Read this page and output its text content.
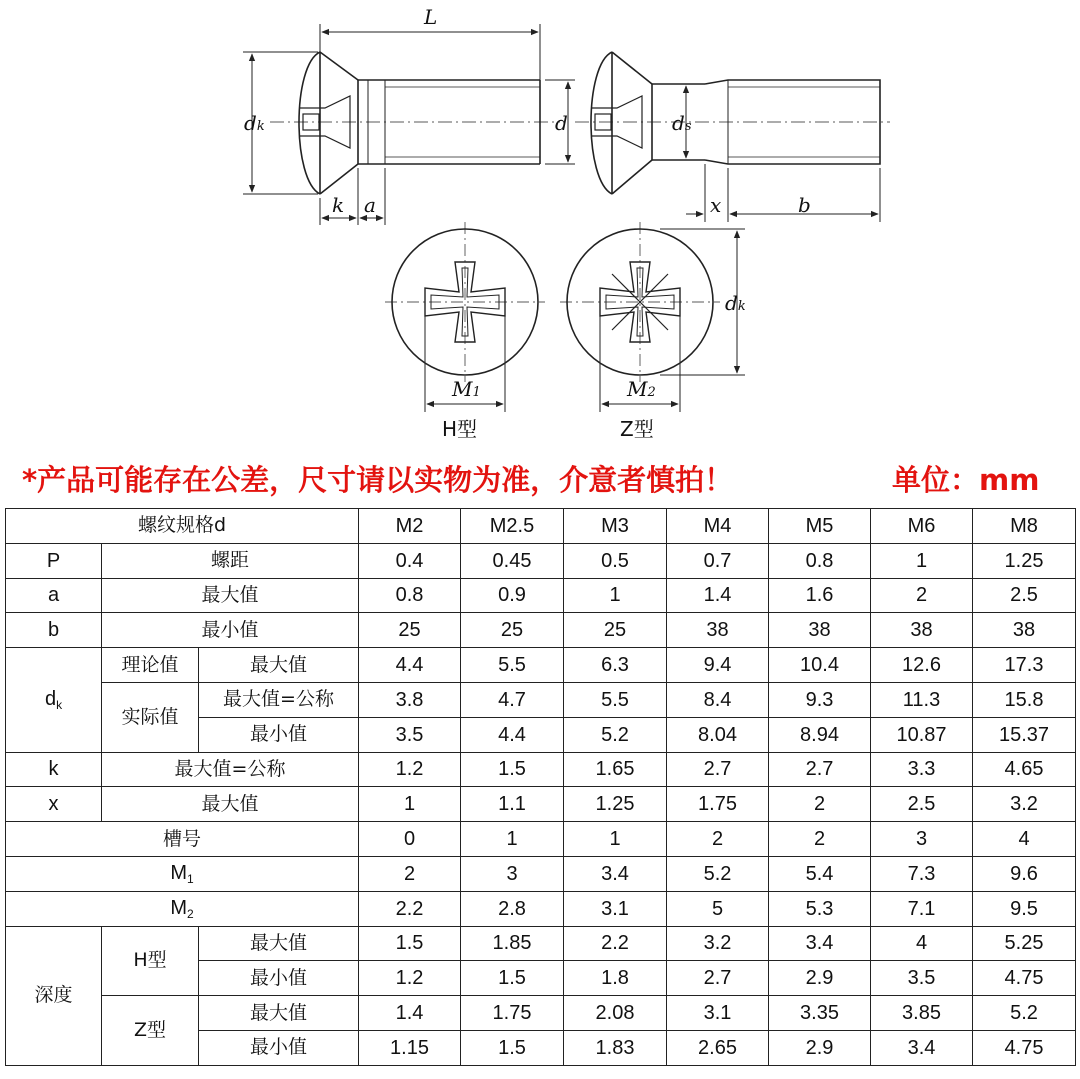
L
dk	d	ds
k a	x	b
dk
M1	M2
H型	Z型
*产品可能存在公差，尺寸请以实物为准，介意者慎拍！	单位：mm
螺纹规格d			M2	M2.5	M3	M4	M5	M6	M8
P	螺距		0.4	0.45	0.5	0.7	0.8	1	1.25
a	最大值		0.8	0.9	1	1.4	1.6	2	2.5
b	最小值		25	25	25	38	38	38	38
$d_k$	理论值	最大值	4.4	5.5	6.3	9.4	10.4	12.6	17.3
	实际值	最大值=公称	3.8	4.7	5.5	8.4	9.3	11.3	15.8
		最小值	3.5	4.4	5.2	8.04	8.94	10.87	15.37
k	最大值=公称		1.2	1.5	1.65	2.7	2.7	3.3	4.65
x	最大值		1	1.1	1.25	1.75	2	2.5	3.2
槽号			0	1	1	2	2	3	4
$M_1$			2	3	3.4	5.2	5.4	7.3	9.6
$M_2$			2.2	2.8	3.1	5	5.3	7.1	9.5
深度	H型	最大值	1.5	1.85	2.2	3.2	3.4	4	5.25
		最小值	1.2	1.5	1.8	2.7	2.9	3.5	4.75
	Z型	最大值	1.4	1.75	2.08	3.1	3.35	3.85	5.2
		最小值	1.15	1.5	1.83	2.65	2.9	3.4	4.75
